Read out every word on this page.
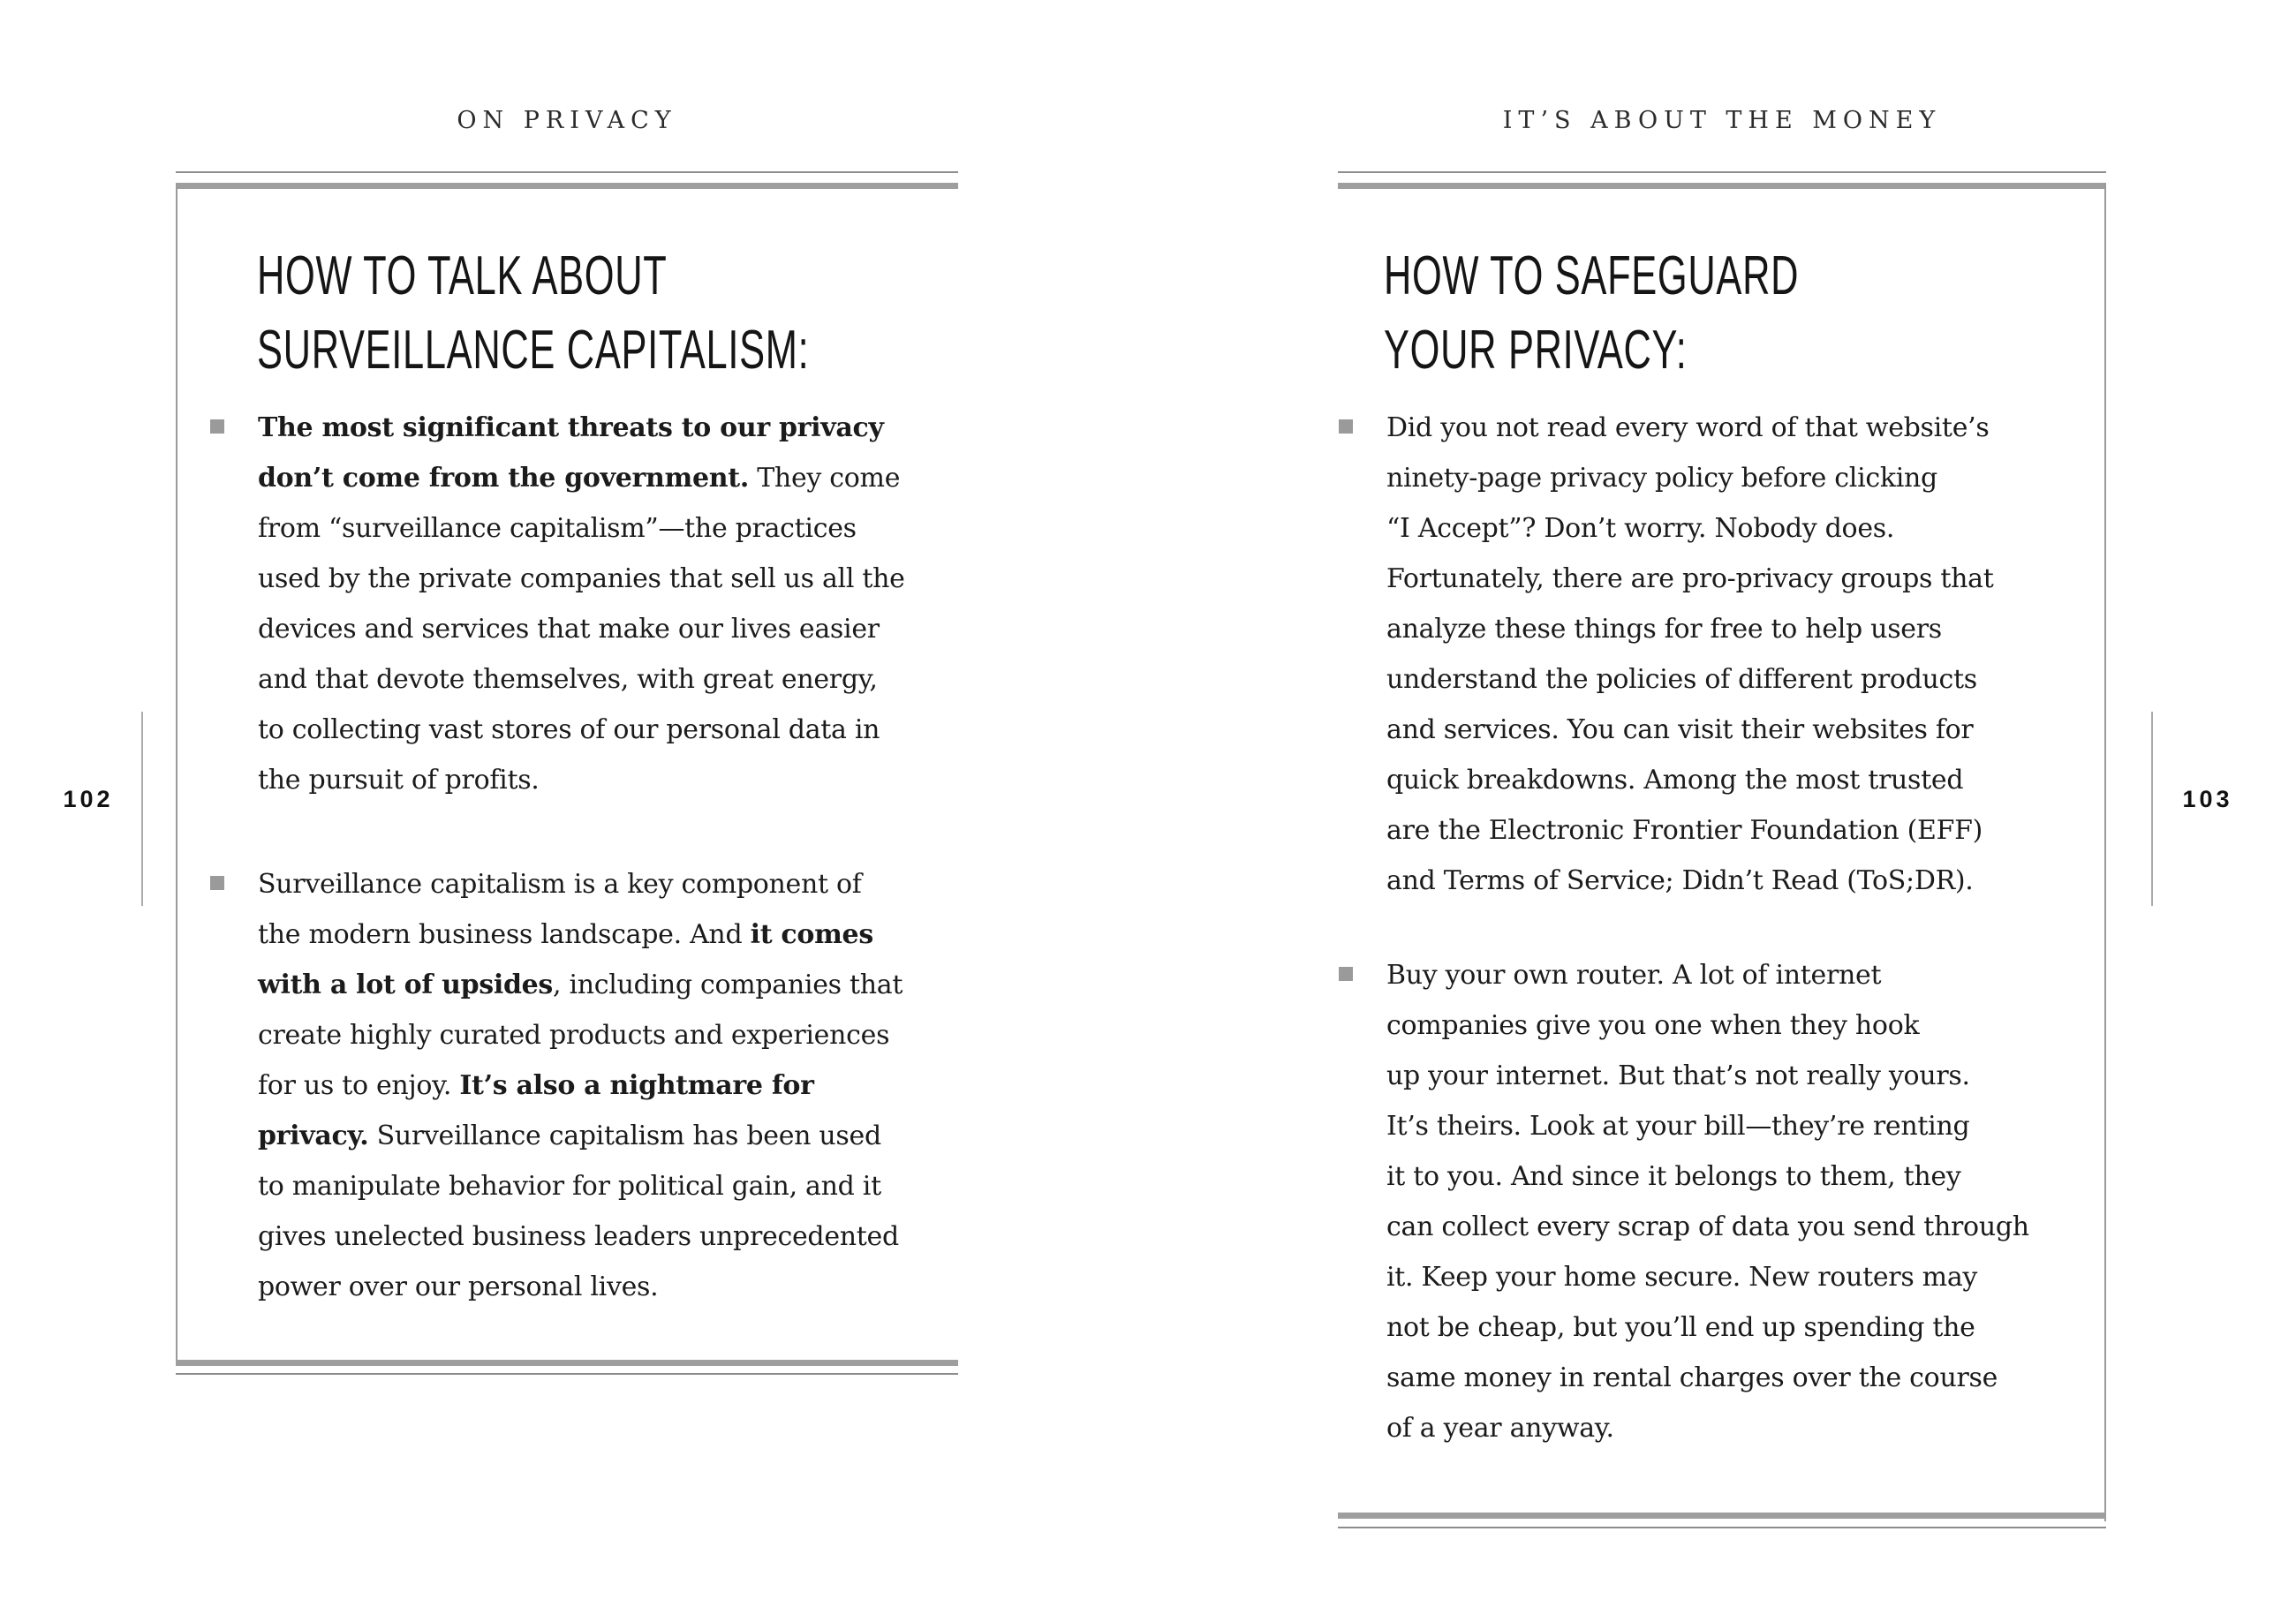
ON PRIVACY
102
HOW TO TALK ABOUT
SURVEILLANCE CAPITALISM:
The most significant threats to our privacy
don’t come from the government. They come
from “surveillance capitalism”—the practices
used by the private companies that sell us all the
devices and services that make our lives easier
and that devote themselves, with great energy,
to collecting vast stores of our personal data in
the pursuit of profits.
Surveillance capitalism is a key component of
the modern business landscape. And it comes
with a lot of upsides, including companies that
create highly curated products and experiences
for us to enjoy. It’s also a nightmare for
privacy. Surveillance capitalism has been used
to manipulate behavior for political gain, and it
gives unelected business leaders unprecedented
power over our personal lives.
IT’S ABOUT THE MONEY
103
HOW TO SAFEGUARD
YOUR PRIVACY:
Did you not read every word of that website’s
ninety-page privacy policy before clicking
“I Accept”? Don’t worry. Nobody does.
Fortunately, there are pro-privacy groups that
analyze these things for free to help users
understand the policies of different products
and services. You can visit their websites for
quick breakdowns. Among the most trusted
are the Electronic Frontier Foundation (EFF)
and Terms of Service; Didn’t Read (ToS;DR).
Buy your own router. A lot of internet
companies give you one when they hook
up your internet. But that’s not really yours.
It’s theirs. Look at your bill—they’re renting
it to you. And since it belongs to them, they
can collect every scrap of data you send through
it. Keep your home secure. New routers may
not be cheap, but you’ll end up spending the
same money in rental charges over the course
of a year anyway.
